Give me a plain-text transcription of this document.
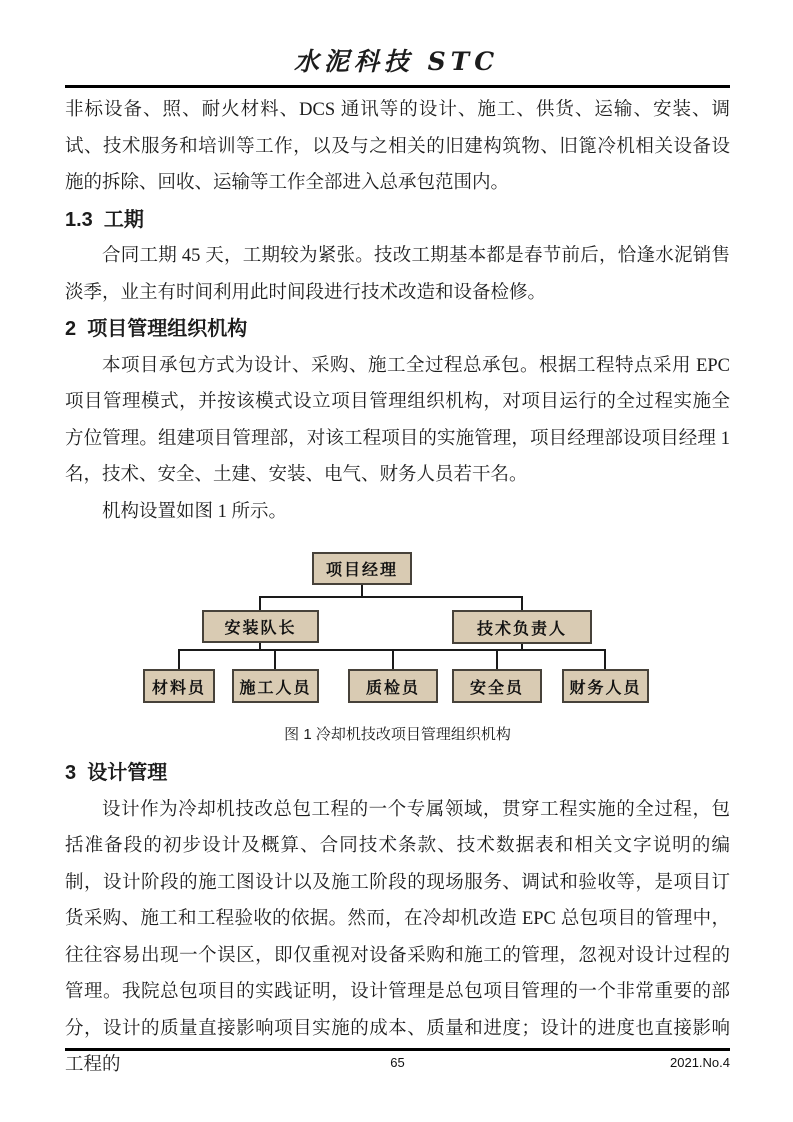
水泥科技 STC

非标设备、照、耐火材料、DCS 通讯等的设计、施工、供货、运输、安装、调试、技术服务和培训等工作，以及与之相关的旧建构筑物、旧篦冷机相关设备设施的拆除、回收、运输等工作全部进入总承包范围内。

1.3  工期

合同工期 45 天，工期较为紧张。技改工期基本都是春节前后，恰逢水泥销售淡季，业主有时间利用此时间段进行技术改造和设备检修。

2  项目管理组织机构

本项目承包方式为设计、采购、施工全过程总承包。根据工程特点采用 EPC 项目管理模式，并按该模式设立项目管理组织机构，对项目运行的全过程实施全方位管理。组建项目管理部，对该工程项目的实施管理，项目经理部设项目经理 1 名，技术、安全、土建、安装、电气、财务人员若干名。

机构设置如图 1 所示。

项目经理
安装队长	技术负责人
材料员	施工人员	质检员	安全员	财务人员
图 1 冷却机技改项目管理组织机构
3  设计管理

设计作为冷却机技改总包工程的一个专属领域，贯穿工程实施的全过程，包括准备段的初步设计及概算、合同技术条款、技术数据表和相关文字说明的编制，设计阶段的施工图设计以及施工阶段的现场服务、调试和验收等，是项目订货采购、施工和工程验收的依据。然而，在冷却机改造 EPC 总包项目的管理中，往往容易出现一个误区，即仅重视对设备采购和施工的管理，忽视对设计过程的管理。我院总包项目的实践证明，设计管理是总包项目管理的一个非常重要的部分，设计的质量直接影响项目实施的成本、质量和进度；设计的进度也直接影响工程的	65	2021.No.4
